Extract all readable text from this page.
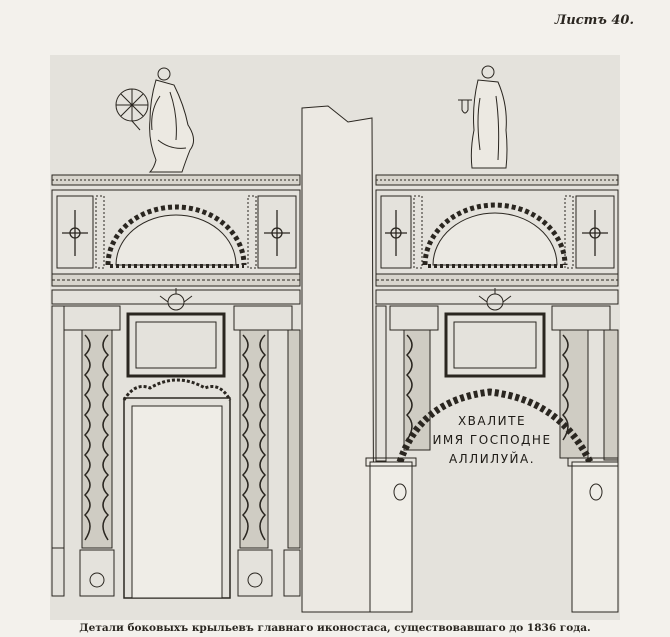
Листъ 40.
ХВАЛИТЕ
ИМЯ ГОСПОДНЕ
АЛЛИЛУЙА.
Детали боковыхъ крыльевъ главнаго иконостаса, существовавшаго до 1836 года.
